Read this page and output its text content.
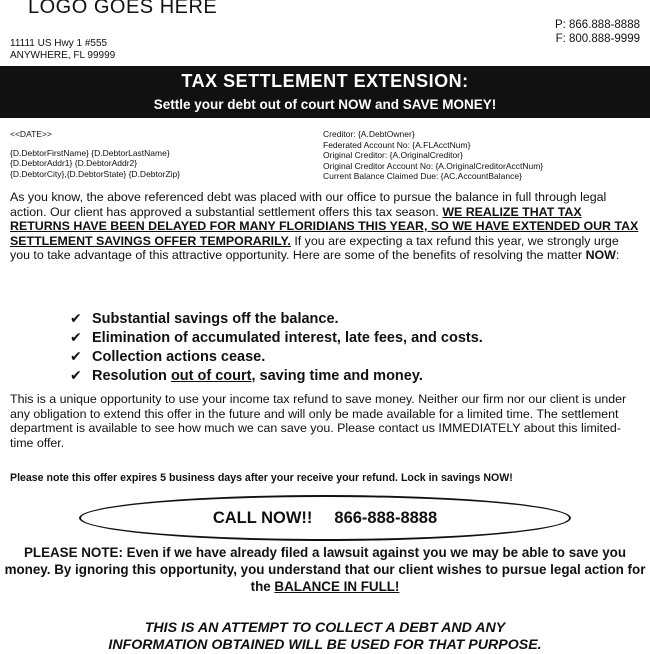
LOGO GOES HERE
P: 866.888-8888
F: 800.888-9999
11111 US Hwy 1 #555
ANYWHERE, FL 99999
TAX SETTLEMENT EXTENSION:
Settle your debt out of court NOW and SAVE MONEY!
<<DATE>>
{D.DebtorFirstName} {D.DebtorLastName}
{D.DebtorAddr1} {D.DebtorAddr2}
{D.DebtorCity},{D.DebtorState} {D.DebtorZip}
Creditor: {A.DebtOwner}
Federated Account No: {A.FLAcctNum}
Original Creditor: {A.OriginalCreditor}
Original Creditor Account No: {A.OriginalCreditorAcctNum}
Current Balance Claimed Due: {AC.AccountBalance}
As you know, the above referenced debt was placed with our office to pursue the balance in full through legal action. Our client has approved a substantial settlement offers this tax season. WE REALIZE THAT TAX RETURNS HAVE BEEN DELAYED FOR MANY FLORIDIANS THIS YEAR, SO WE HAVE EXTENDED OUR TAX SETTLEMENT SAVINGS OFFER TEMPORARILY. If you are expecting a tax refund this year, we strongly urge you to take advantage of this attractive opportunity. Here are some of the benefits of resolving the matter NOW:
✔ Substantial savings off the balance.
✔ Elimination of accumulated interest, late fees, and costs.
✔ Collection actions cease.
✔ Resolution out of court, saving time and money.
This is a unique opportunity to use your income tax refund to save money. Neither our firm nor our client is under any obligation to extend this offer in the future and will only be made available for a limited time. The settlement department is available to see how much we can save you. Please contact us IMMEDIATELY about this limited-time offer.
Please note this offer expires 5 business days after your receive your refund. Lock in savings NOW!
CALL NOW!! 866-888-8888
PLEASE NOTE: Even if we have already filed a lawsuit against you we may be able to save you money. By ignoring this opportunity, you understand that our client wishes to pursue legal action for the BALANCE IN FULL!
THIS IS AN ATTEMPT TO COLLECT A DEBT AND ANY
INFORMATION OBTAINED WILL BE USED FOR THAT PURPOSE.
